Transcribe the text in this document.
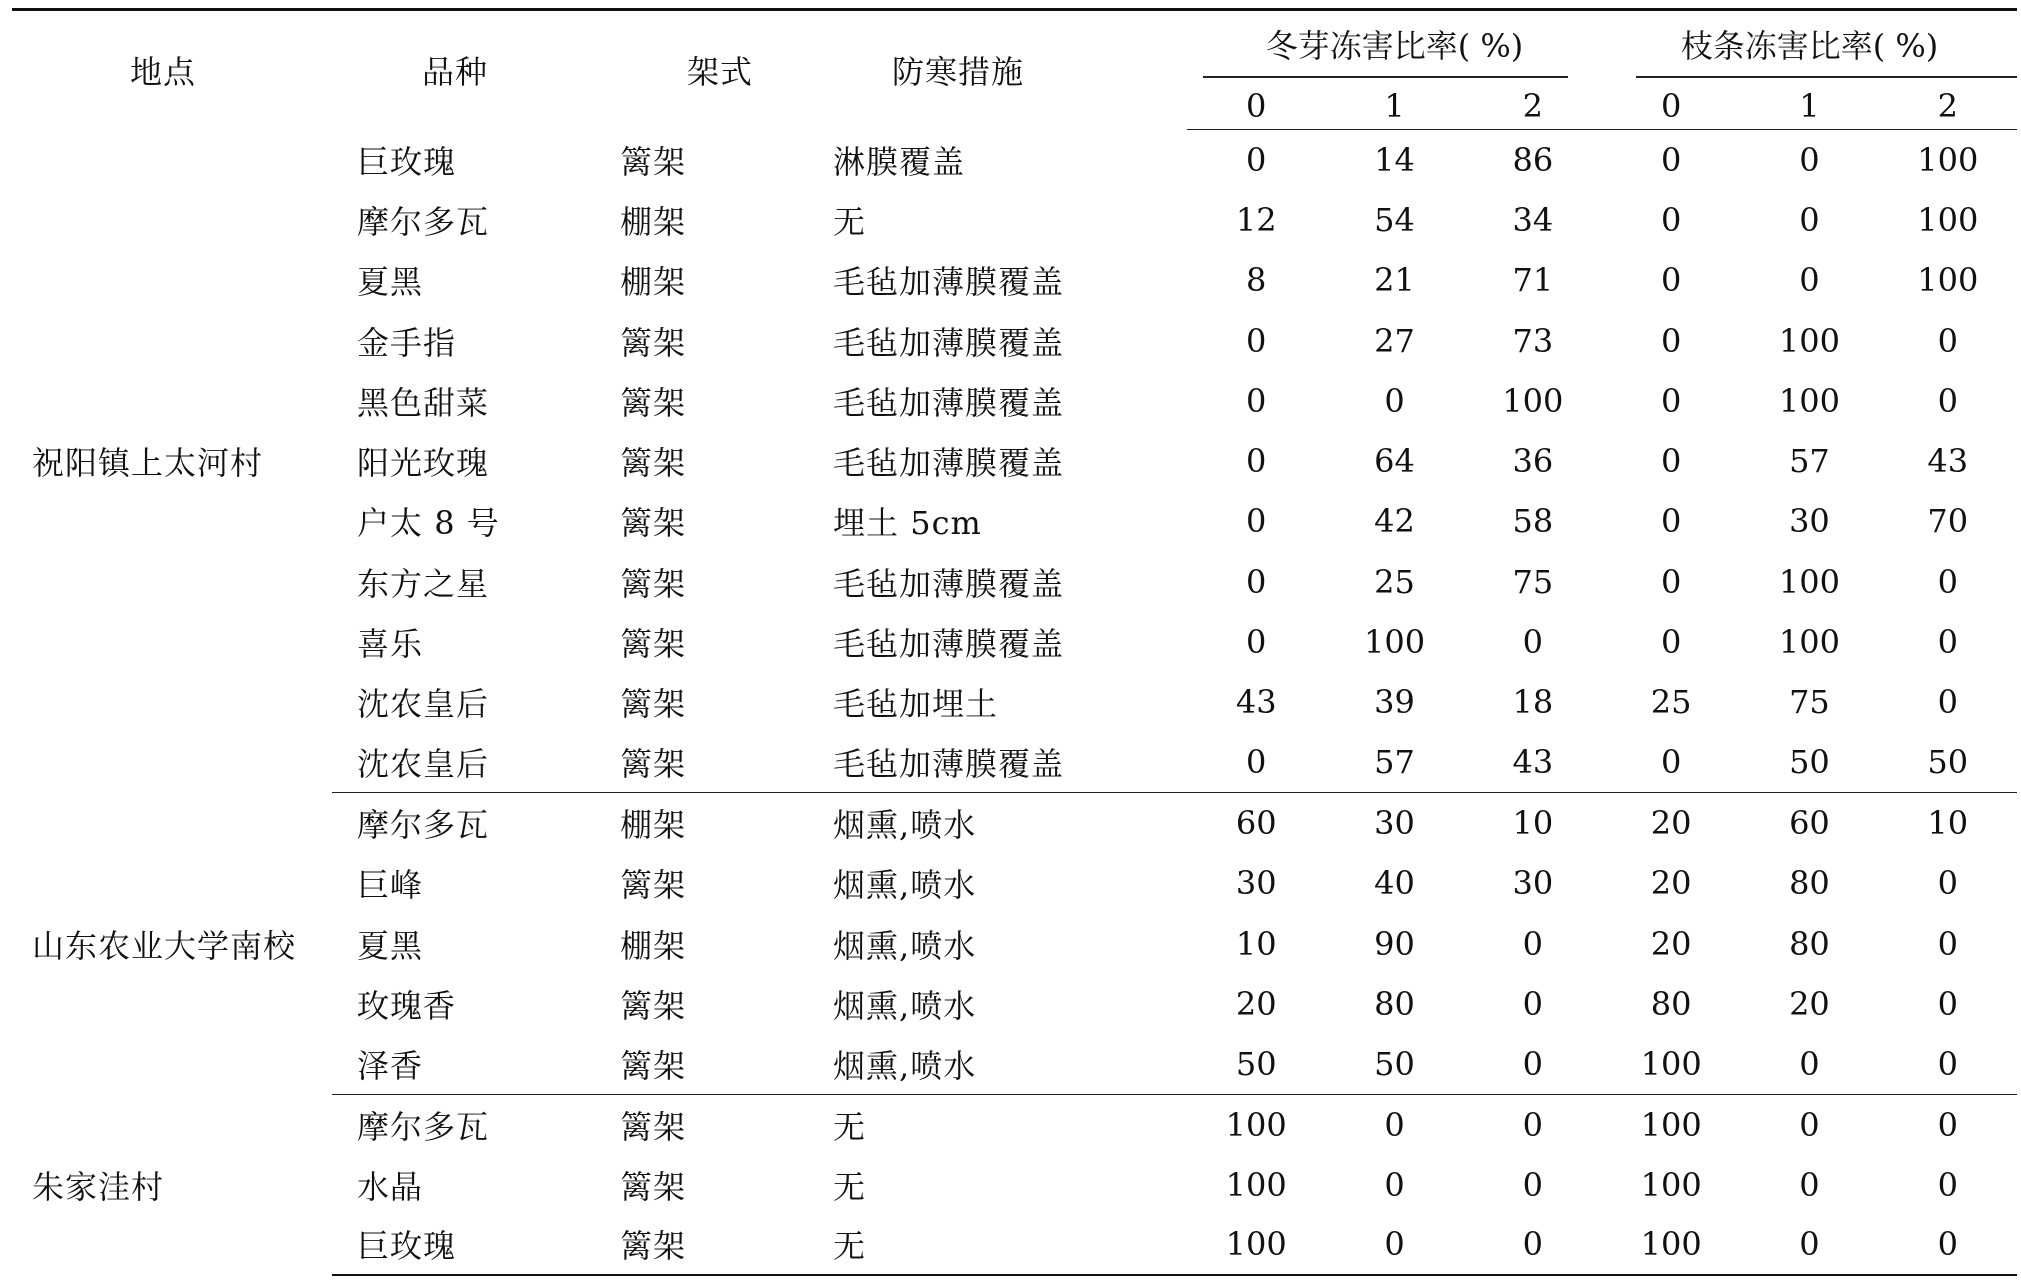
地点	品种	架式	防寒措施	冬芽冻害比率( %)			枝条冻害比率( %)		

				0	1	2	0	1	2
祝阳镇上太河村	巨玫瑰	篱架	淋膜覆盖	0	14	86	0	0	100
	摩尔多瓦	棚架	无	12	54	34	0	0	100
	夏黑	棚架	毛毡加薄膜覆盖	8	21	71	0	0	100
	金手指	篱架	毛毡加薄膜覆盖	0	27	73	0	100	0
	黑色甜菜	篱架	毛毡加薄膜覆盖	0	0	100	0	100	0
	阳光玫瑰	篱架	毛毡加薄膜覆盖	0	64	36	0	57	43
	户太 8 号	篱架	埋土 5cm	0	42	58	0	30	70
	东方之星	篱架	毛毡加薄膜覆盖	0	25	75	0	100	0
	喜乐	篱架	毛毡加薄膜覆盖	0	100	0	0	100	0
	沈农皇后	篱架	毛毡加埋土	43	39	18	25	75	0
	沈农皇后	篱架	毛毡加薄膜覆盖	0	57	43	0	50	50
山东农业大学南校	摩尔多瓦	棚架	烟熏,喷水	60	30	10	20	60	10
	巨峰	篱架	烟熏,喷水	30	40	30	20	80	0
	夏黑	棚架	烟熏,喷水	10	90	0	20	80	0
	玫瑰香	篱架	烟熏,喷水	20	80	0	80	20	0
	泽香	篱架	烟熏,喷水	50	50	0	100	0	0
朱家洼村	摩尔多瓦	篱架	无	100	0	0	100	0	0
	水晶	篱架	无	100	0	0	100	0	0
	巨玫瑰	篱架	无	100	0	0	100	0	0
